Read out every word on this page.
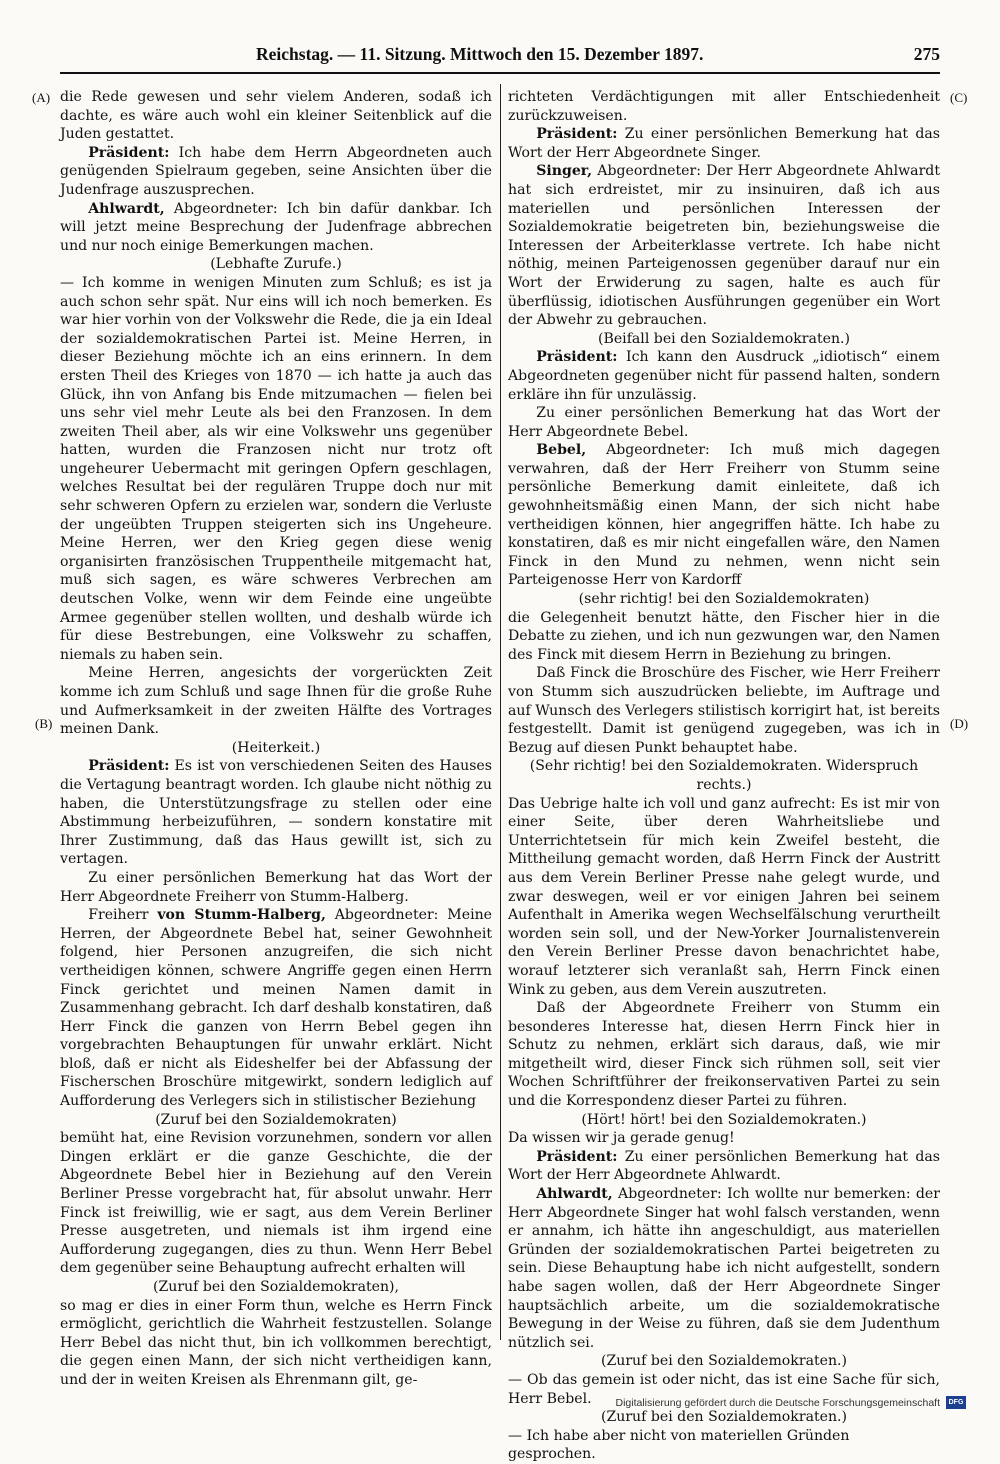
Reichstag. — 11. Sitzung. Mittwoch den 15. Dezember 1897.	275
(A)
(B)
(C)
(D)

die Rede gewesen und sehr vielem Anderen, sodaß ich dachte, es wäre auch wohl ein kleiner Seitenblick auf die Juden gestattet.

Präsident: Ich habe dem Herrn Abgeordneten auch genügenden Spielraum gegeben, seine Ansichten über die Judenfrage auszusprechen.

Ahlwardt, Abgeordneter: Ich bin dafür dankbar. Ich will jetzt meine Besprechung der Judenfrage abbrechen und nur noch einige Bemerkungen machen.

(Lebhafte Zurufe.)

— Ich komme in wenigen Minuten zum Schluß; es ist ja auch schon sehr spät. Nur eins will ich noch bemerken. Es war hier vorhin von der Volkswehr die Rede, die ja ein Ideal der sozialdemokratischen Partei ist. Meine Herren, in dieser Beziehung möchte ich an eins erinnern. In dem ersten Theil des Krieges von 1870 — ich hatte ja auch das Glück, ihn von Anfang bis Ende mitzumachen — fielen bei uns sehr viel mehr Leute als bei den Franzosen. In dem zweiten Theil aber, als wir eine Volkswehr uns gegenüber hatten, wurden die Franzosen nicht nur trotz oft ungeheurer Uebermacht mit geringen Opfern geschlagen, welches Resultat bei der regulären Truppe doch nur mit sehr schweren Opfern zu erzielen war, sondern die Verluste der ungeübten Truppen steigerten sich ins Ungeheure. Meine Herren, wer den Krieg gegen diese wenig organisirten französischen Truppentheile mitgemacht hat, muß sich sagen, es wäre schweres Verbrechen am deutschen Volke, wenn wir dem Feinde eine ungeübte Armee gegenüber stellen wollten, und deshalb würde ich für diese Bestrebungen, eine Volkswehr zu schaffen, niemals zu haben sein.

Meine Herren, angesichts der vorgerückten Zeit komme ich zum Schluß und sage Ihnen für die große Ruhe und Aufmerksamkeit in der zweiten Hälfte des Vortrages meinen Dank.

(Heiterkeit.)

Präsident: Es ist von verschiedenen Seiten des Hauses die Vertagung beantragt worden. Ich glaube nicht nöthig zu haben, die Unterstützungsfrage zu stellen oder eine Abstimmung herbeizuführen, — sondern konstatire mit Ihrer Zustimmung, daß das Haus gewillt ist, sich zu vertagen.

Zu einer persönlichen Bemerkung hat das Wort der Herr Abgeordnete Freiherr von Stumm-Halberg.

Freiherr von Stumm-Halberg, Abgeordneter: Meine Herren, der Abgeordnete Bebel hat, seiner Gewohnheit folgend, hier Personen anzugreifen, die sich nicht vertheidigen können, schwere Angriffe gegen einen Herrn Finck gerichtet und meinen Namen damit in Zusammenhang gebracht. Ich darf deshalb konstatiren, daß Herr Finck die ganzen von Herrn Bebel gegen ihn vorgebrachten Behauptungen für unwahr erklärt. Nicht bloß, daß er nicht als Eideshelfer bei der Abfassung der Fischerschen Broschüre mitgewirkt, sondern lediglich auf Aufforderung des Verlegers sich in stilistischer Beziehung

(Zuruf bei den Sozialdemokraten)

bemüht hat, eine Revision vorzunehmen, sondern vor allen Dingen erklärt er die ganze Geschichte, die der Abgeordnete Bebel hier in Beziehung auf den Verein Berliner Presse vorgebracht hat, für absolut unwahr. Herr Finck ist freiwillig, wie er sagt, aus dem Verein Berliner Presse ausgetreten, und niemals ist ihm irgend eine Aufforderung zugegangen, dies zu thun. Wenn Herr Bebel dem gegenüber seine Behauptung aufrecht erhalten will

(Zuruf bei den Sozialdemokraten),

so mag er dies in einer Form thun, welche es Herrn Finck ermöglicht, gerichtlich die Wahrheit festzustellen. Solange Herr Bebel das nicht thut, bin ich vollkommen berechtigt, die gegen einen Mann, der sich nicht vertheidigen kann, und der in weiten Kreisen als Ehrenmann gilt, ge-

richteten Verdächtigungen mit aller Entschiedenheit zurückzuweisen.

Präsident: Zu einer persönlichen Bemerkung hat das Wort der Herr Abgeordnete Singer.

Singer, Abgeordneter: Der Herr Abgeordnete Ahlwardt hat sich erdreistet, mir zu insinuiren, daß ich aus materiellen und persönlichen Interessen der Sozialdemokratie beigetreten bin, beziehungsweise die Interessen der Arbeiterklasse vertrete. Ich habe nicht nöthig, meinen Parteigenossen gegenüber darauf nur ein Wort der Erwiderung zu sagen, halte es auch für überflüssig, idiotischen Ausführungen gegenüber ein Wort der Abwehr zu gebrauchen.

(Beifall bei den Sozialdemokraten.)

Präsident: Ich kann den Ausdruck „idiotisch“ einem Abgeordneten gegenüber nicht für passend halten, sondern erkläre ihn für unzulässig.

Zu einer persönlichen Bemerkung hat das Wort der Herr Abgeordnete Bebel.

Bebel, Abgeordneter: Ich muß mich dagegen verwahren, daß der Herr Freiherr von Stumm seine persönliche Bemerkung damit einleitete, daß ich gewohnheitsmäßig einen Mann, der sich nicht habe vertheidigen können, hier angegriffen hätte. Ich habe zu konstatiren, daß es mir nicht eingefallen wäre, den Namen Finck in den Mund zu nehmen, wenn nicht sein Parteigenosse Herr von Kardorff

(sehr richtig! bei den Sozialdemokraten)

die Gelegenheit benutzt hätte, den Fischer hier in die Debatte zu ziehen, und ich nun gezwungen war, den Namen des Finck mit diesem Herrn in Beziehung zu bringen.

Daß Finck die Broschüre des Fischer, wie Herr Freiherr von Stumm sich auszudrücken beliebte, im Auftrage und auf Wunsch des Verlegers stilistisch korrigirt hat, ist bereits festgestellt. Damit ist genügend zugegeben, was ich in Bezug auf diesen Punkt behauptet habe.

(Sehr richtig! bei den Sozialdemokraten. Widerspruch rechts.)

Das Uebrige halte ich voll und ganz aufrecht: Es ist mir von einer Seite, über deren Wahrheitsliebe und Unterrichtetsein für mich kein Zweifel besteht, die Mittheilung gemacht worden, daß Herrn Finck der Austritt aus dem Verein Berliner Presse nahe gelegt wurde, und zwar deswegen, weil er vor einigen Jahren bei seinem Aufenthalt in Amerika wegen Wechselfälschung verurtheilt worden sein soll, und der New-Yorker Journalistenverein den Verein Berliner Presse davon benachrichtet habe, worauf letzterer sich veranlaßt sah, Herrn Finck einen Wink zu geben, aus dem Verein auszutreten.

Daß der Abgeordnete Freiherr von Stumm ein besonderes Interesse hat, diesen Herrn Finck hier in Schutz zu nehmen, erklärt sich daraus, daß, wie mir mitgetheilt wird, dieser Finck sich rühmen soll, seit vier Wochen Schriftführer der freikonservativen Partei zu sein und die Korrespondenz dieser Partei zu führen.

(Hört! hört! bei den Sozialdemokraten.)

Da wissen wir ja gerade genug!

Präsident: Zu einer persönlichen Bemerkung hat das Wort der Herr Abgeordnete Ahlwardt.

Ahlwardt, Abgeordneter: Ich wollte nur bemerken: der Herr Abgeordnete Singer hat wohl falsch verstanden, wenn er annahm, ich hätte ihn angeschuldigt, aus materiellen Gründen der sozialdemokratischen Partei beigetreten zu sein. Diese Behauptung habe ich nicht aufgestellt, sondern habe sagen wollen, daß der Herr Abgeordnete Singer hauptsächlich arbeite, um die sozialdemokratische Bewegung in der Weise zu führen, daß sie dem Judenthum nützlich sei.

(Zuruf bei den Sozialdemokraten.)

— Ob das gemein ist oder nicht, das ist eine Sache für sich, Herr Bebel.

(Zuruf bei den Sozialdemokraten.)

— Ich habe aber nicht von materiellen Gründen gesprochen.

Digitalisierung gefördert durch die Deutsche Forschungsgemeinschaft	DFG
